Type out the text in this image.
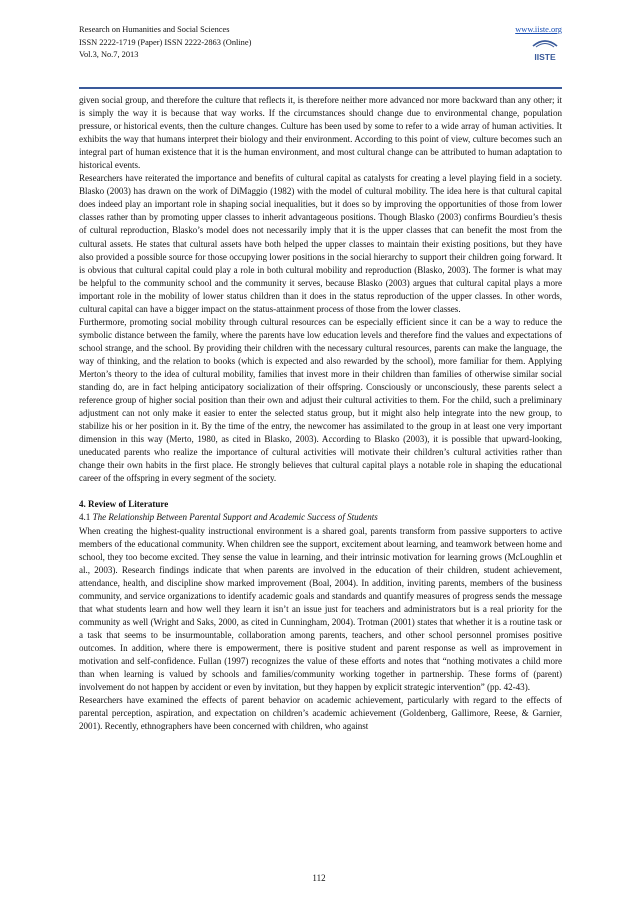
Research on Humanities and Social Sciences
ISSN 2222-1719 (Paper) ISSN 2222-2863 (Online)
Vol.3, No.7, 2013
www.iiste.org
IISTE

given social group, and therefore the culture that reflects it, is therefore neither more advanced nor more backward than any other; it is simply the way it is because that way works. If the circumstances should change due to environmental change, population pressure, or historical events, then the culture changes. Culture has been used by some to refer to a wide array of human activities. It exhibits the way that humans interpret their biology and their environment. According to this point of view, culture becomes such an integral part of human existence that it is the human environment, and most cultural change can be attributed to human adaptation to historical events.

Researchers have reiterated the importance and benefits of cultural capital as catalysts for creating a level playing field in a society. Blasko (2003) has drawn on the work of DiMaggio (1982) with the model of cultural mobility. The idea here is that cultural capital does indeed play an important role in shaping social inequalities, but it does so by improving the opportunities of those from lower classes rather than by promoting upper classes to inherit advantageous positions. Though Blasko (2003) confirms Bourdieu’s thesis of cultural reproduction, Blasko’s model does not necessarily imply that it is the upper classes that can benefit the most from the cultural assets. He states that cultural assets have both helped the upper classes to maintain their existing positions, but they have also provided a possible source for those occupying lower positions in the social hierarchy to support their children going forward. It is obvious that cultural capital could play a role in both cultural mobility and reproduction (Blasko, 2003). The former is what may be helpful to the community school and the community it serves, because Blasko (2003) argues that cultural capital plays a more important role in the mobility of lower status children than it does in the status reproduction of the upper classes. In other words, cultural capital can have a bigger impact on the status-attainment process of those from the lower classes.

Furthermore, promoting social mobility through cultural resources can be especially efficient since it can be a way to reduce the symbolic distance between the family, where the parents have low education levels and therefore find the values and expectations of school strange, and the school. By providing their children with the necessary cultural resources, parents can make the language, the way of thinking, and the relation to books (which is expected and also rewarded by the school), more familiar for them. Applying Merton’s theory to the idea of cultural mobility, families that invest more in their children than families of otherwise similar social standing do, are in fact helping anticipatory socialization of their offspring. Consciously or unconsciously, these parents select a reference group of higher social position than their own and adjust their cultural activities to them. For the child, such a preliminary adjustment can not only make it easier to enter the selected status group, but it might also help integrate into the new group, to stabilize his or her position in it. By the time of the entry, the newcomer has assimilated to the group in at least one very important dimension in this way (Merto, 1980, as cited in Blasko, 2003). According to Blasko (2003), it is possible that upward-looking, uneducated parents who realize the importance of cultural activities will motivate their children’s cultural activities rather than change their own habits in the first place. He strongly believes that cultural capital plays a notable role in shaping the educational career of the offspring in every segment of the society.

4. Review of Literature

4.1 The Relationship Between Parental Support and Academic Success of Students

When creating the highest-quality instructional environment is a shared goal, parents transform from passive supporters to active members of the educational community. When children see the support, excitement about learning, and teamwork between home and school, they too become excited. They sense the value in learning, and their intrinsic motivation for learning grows (McLoughlin et al., 2003). Research findings indicate that when parents are involved in the education of their children, student achievement, attendance, health, and discipline show marked improvement (Boal, 2004). In addition, inviting parents, members of the business community, and service organizations to identify academic goals and standards and quantify measures of progress sends the message that what students learn and how well they learn it isn’t an issue just for teachers and administrators but is a real priority for the community as well (Wright and Saks, 2000, as cited in Cunningham, 2004). Trotman (2001) states that whether it is a routine task or a task that seems to be insurmountable, collaboration among parents, teachers, and other school personnel promises positive outcomes. In addition, where there is empowerment, there is positive student and parent response as well as improvement in motivation and self-confidence. Fullan (1997) recognizes the value of these efforts and notes that “nothing motivates a child more than when learning is valued by schools and families/community working together in partnership. These forms of (parent) involvement do not happen by accident or even by invitation, but they happen by explicit strategic intervention” (pp. 42-43).

Researchers have examined the effects of parent behavior on academic achievement, particularly with regard to the effects of parental perception, aspiration, and expectation on children’s academic achievement (Goldenberg, Gallimore, Reese, & Garnier, 2001). Recently, ethnographers have been concerned with children, who against

112
